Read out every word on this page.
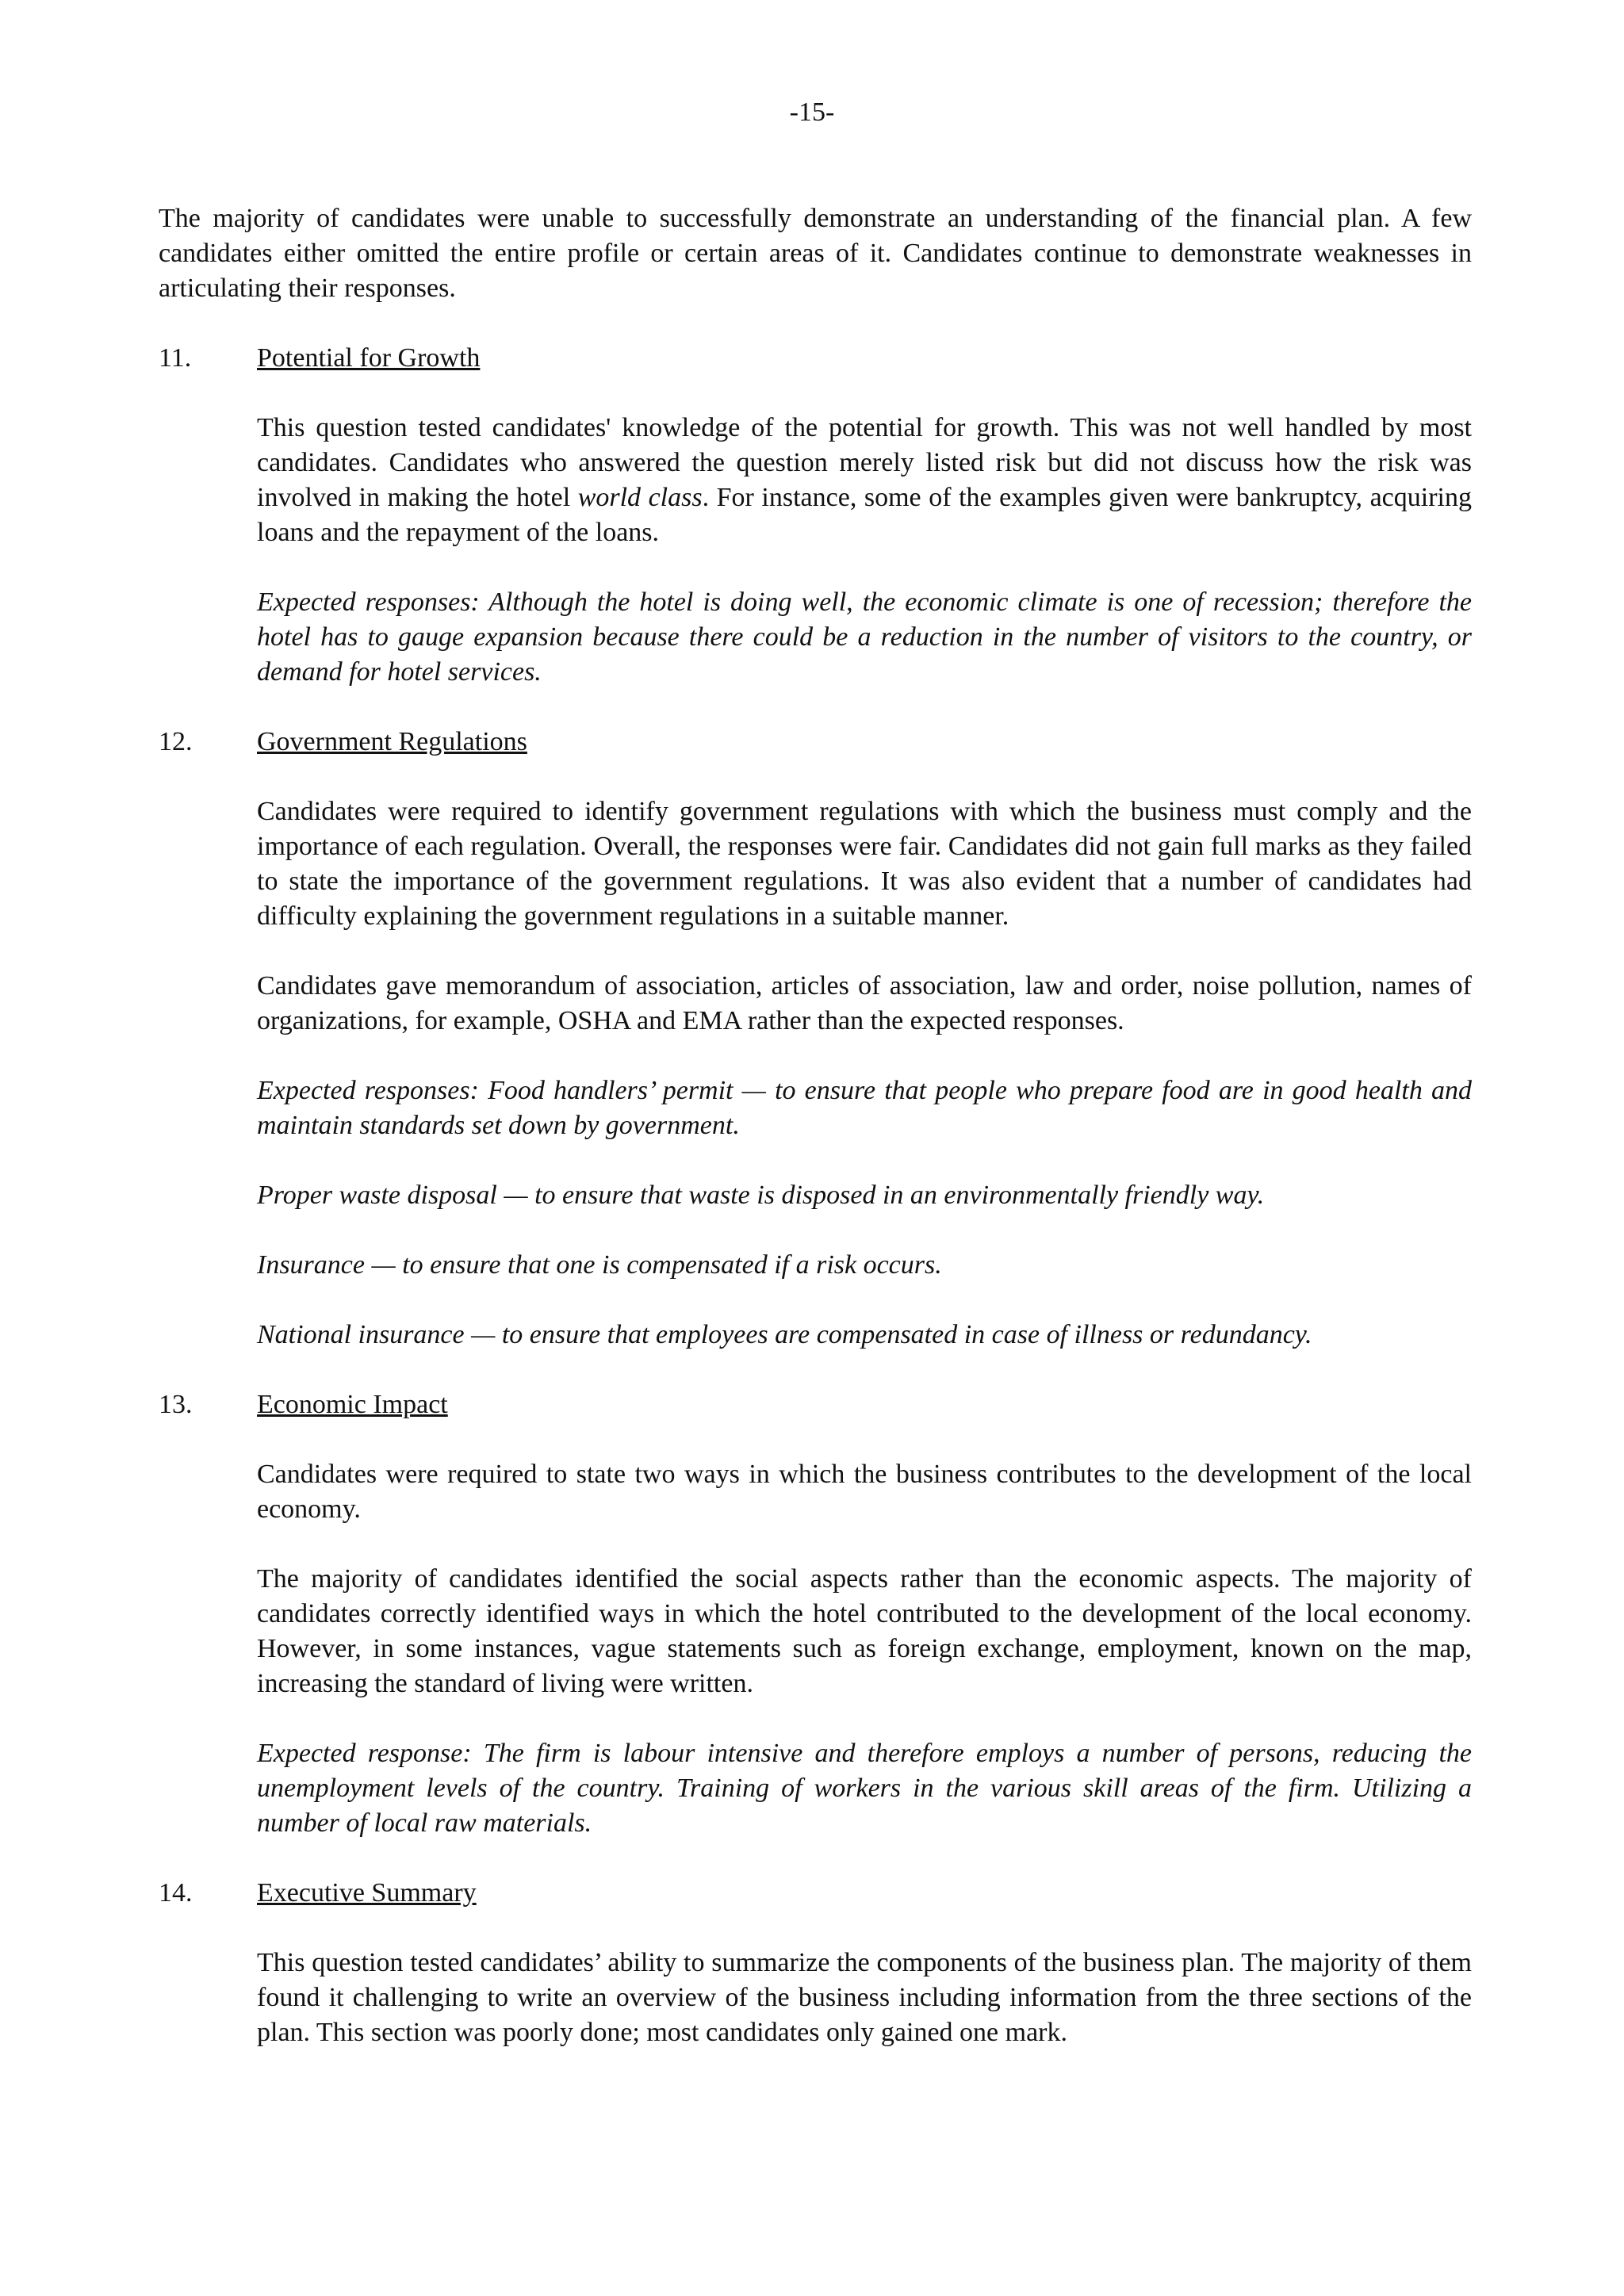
-15-

The majority of candidates were unable to successfully demonstrate an understanding of the financial plan. A few candidates either omitted the entire profile or certain areas of it. Candidates continue to demonstrate weaknesses in articulating their responses.

11.	Potential for Growth

This question tested candidates' knowledge of the potential for growth. This was not well handled by most candidates. Candidates who answered the question merely listed risk but did not discuss how the risk was involved in making the hotel world class. For instance, some of the examples given were bankruptcy, acquiring loans and the repayment of the loans.

Expected responses: Although the hotel is doing well, the economic climate is one of recession; therefore the hotel has to gauge expansion because there could be a reduction in the number of visitors to the country, or demand for hotel services.

12.	Government Regulations

Candidates were required to identify government regulations with which the business must comply and the importance of each regulation. Overall, the responses were fair. Candidates did not gain full marks as they failed to state the importance of the government regulations. It was also evident that a number of candidates had difficulty explaining the government regulations in a suitable manner.

Candidates gave memorandum of association, articles of association, law and order, noise pollution, names of organizations, for example, OSHA and EMA rather than the expected responses.

Expected responses: Food handlers’ permit — to ensure that people who prepare food are in good health and maintain standards set down by government.

Proper waste disposal — to ensure that waste is disposed in an environmentally friendly way.

Insurance — to ensure that one is compensated if a risk occurs.

National insurance — to ensure that employees are compensated in case of illness or redundancy.

13.	Economic Impact

Candidates were required to state two ways in which the business contributes to the development of the local economy.

The majority of candidates identified the social aspects rather than the economic aspects. The majority of candidates correctly identified ways in which the hotel contributed to the development of the local economy. However, in some instances, vague statements such as foreign exchange, employment, known on the map, increasing the standard of living were written.

Expected response: The firm is labour intensive and therefore employs a number of persons, reducing the unemployment levels of the country. Training of workers in the various skill areas of the firm. Utilizing a number of local raw materials.

14.	Executive Summary

This question tested candidates’ ability to summarize the components of the business plan. The majority of them found it challenging to write an overview of the business including information from the three sections of the plan. This section was poorly done; most candidates only gained one mark.
